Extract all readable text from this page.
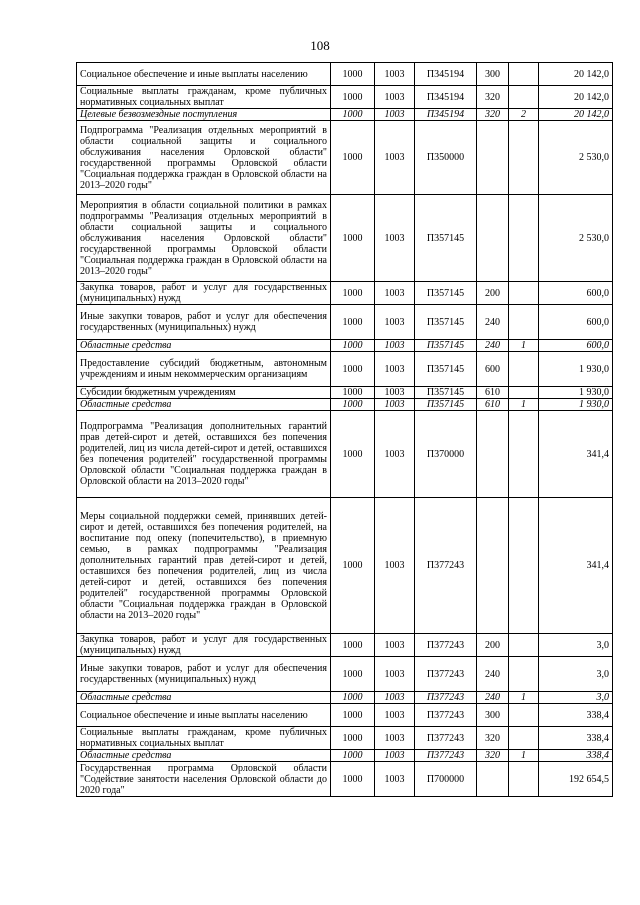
108
Социальное обеспечение и иные выплаты населению	1000	1003	П345194	300		20 142,0
Социальные выплаты гражданам, кроме публичных нормативных социальных выплат	1000	1003	П345194	320		20 142,0
Целевые безвозмездные поступления	1000	1003	П345194	320	2	20 142,0
Подпрограмма "Реализация отдельных мероприятий в области социальной защиты и социального обслуживания населения Орловской области" государственной программы Орловской области "Социальная поддержка граждан в Орловской области на 2013–2020 годы"	1000	1003	П350000			2 530,0
Мероприятия в области социальной политики в рамках подпрограммы "Реализация отдельных мероприятий в области социальной защиты и социального обслуживания населения Орловской области" государственной программы Орловской области "Социальная поддержка граждан в Орловской области на 2013–2020 годы"	1000	1003	П357145			2 530,0
Закупка товаров, работ и услуг для государственных (муниципальных) нужд	1000	1003	П357145	200		600,0
Иные закупки товаров, работ и услуг для обеспечения государственных (муниципальных) нужд	1000	1003	П357145	240		600,0
Областные средства	1000	1003	П357145	240	1	600,0
Предоставление субсидий бюджетным, автономным учреждениям и иным некоммерческим организациям	1000	1003	П357145	600		1 930,0
Субсидии бюджетным учреждениям	1000	1003	П357145	610		1 930,0
Областные средства	1000	1003	П357145	610	1	1 930,0
Подпрограмма "Реализация дополнительных гарантий прав детей-сирот и детей, оставшихся без попечения родителей, лиц из числа детей-сирот и детей, оставшихся без попечения родителей" государственной программы Орловской области "Социальная поддержка граждан в Орловской области на 2013–2020 годы"	1000	1003	П370000			341,4
Меры социальной поддержки семей, принявших детей-сирот и детей, оставшихся без попечения родителей, на воспитание под опеку (попечительство), в приемную семью, в рамках подпрограммы "Реализация дополнительных гарантий прав детей-сирот и детей, оставшихся без попечения родителей, лиц из числа детей-сирот и детей, оставшихся без попечения родителей" государственной программы Орловской области "Социальная поддержка граждан в Орловской области на 2013–2020 годы"	1000	1003	П377243			341,4
Закупка товаров, работ и услуг для государственных (муниципальных) нужд	1000	1003	П377243	200		3,0
Иные закупки товаров, работ и услуг для обеспечения государственных (муниципальных) нужд	1000	1003	П377243	240		3,0
Областные средства	1000	1003	П377243	240	1	3,0
Социальное обеспечение и иные выплаты населению	1000	1003	П377243	300		338,4
Социальные выплаты гражданам, кроме публичных нормативных социальных выплат	1000	1003	П377243	320		338,4
Областные средства	1000	1003	П377243	320	1	338,4
Государственная программа Орловской области "Содействие занятости населения Орловской области до 2020 года"	1000	1003	П700000			192 654,5
